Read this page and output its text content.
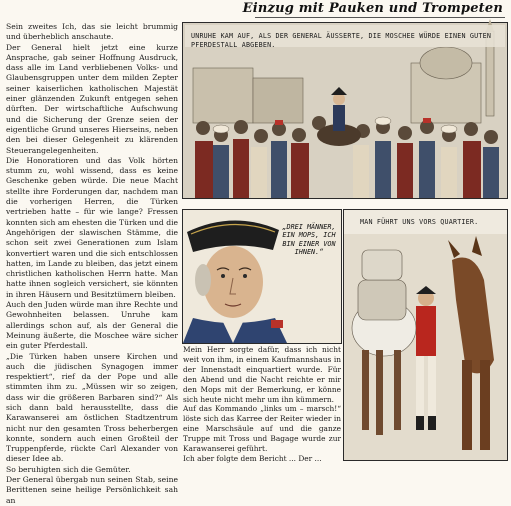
Einzug mit Pauken und Trompeten

Sein zweites Ich, das sie leicht brummig und überheblich anschaute.

Der General hielt jetzt eine kurze Ansprache, gab seiner Hoffnung Ausdruck, dass alle im Land verbliebenen Volks- und Glaubensgruppen unter dem milden Zepter seiner kaiserlichen katholischen Majestät einer glänzenden Zukunft entgegen sehen dürften. Der wirtschaftliche Aufschwung und die Sicherung der Grenze seien der eigentliche Grund unseres Hierseins, neben den bei dieser Gelegenheit zu klärenden Steuerangelegenheiten.

Die Honoratioren und das Volk hörten stumm zu, wohl wissend, dass es keine Geschenke geben würde. Die neue Macht stellte ihre Forderungen dar, nachdem man die vorherigen Herren, die Türken vertrieben hatte – für wie lange? Fressen konnten sich am ehesten die Türken und die Angehörigen der slawischen Stämme, die schon seit zwei Generationen zum Islam konvertiert waren und die sich entschlossen hatten, im Lande zu bleiben, das jetzt einem christlichen katholischen Herrn hatte. Man hatte ihnen sogleich versichert, sie könnten in ihren Häusern und Besitztümern bleiben.

Auch den Juden würde man ihre Rechte und Gewohnheiten belassen. Unruhe kam allerdings schon auf, als der General die Meinung äußerte, die Moschee wäre sicher ein guter Pferdestall.

„Die Türken haben unsere Kirchen und auch die jüdischen Synagogen immer respektiert“, rief da der Pope und alle stimmten ihm zu. „Müssen wir so zeigen, dass wir die größeren Barbaren sind?“ Als sich dann bald herausstellte, dass die Karawanserei am östlichen Stadtzentrum nicht nur den gesamten Tross beherbergen konnte, sondern auch einen Großteil der Truppenpferde, rückte Carl Alexander von dieser Idee ab.

So beruhigten sich die Gemüter.

Der General übergab nun seinen Stab, seine Berittenen seine heilige Persönlichkeit sah an

UNRUHE KAM AUF, ALS DER GENERAL ÄUSSERTE, DIE MOSCHEE WÜRDE EINEN GUTEN PFERDESTALL ABGEBEN.
„DREI MÄNNER, EIN MOPS, ICH BIN EINER VON IHNEN.“
MAN FÜHRT UNS VORS QUARTIER.

Mein Herr sorgte dafür, dass ich nicht weit von ihm, in einem Kaufmannshaus in der Innenstadt einquartiert wurde. Für den Abend und die Nacht reichte er mir den Mops mit der Bemerkung, er könne sich heute nicht mehr um ihn kümmern.

Auf das Kommando „links um – marsch!“ löste sich das Karree der Reiter wieder in eine Marschsäule auf und die ganze Truppe mit Tross und Bagage wurde zur Karawanserei geführt.

Ich aber folgte dem Bericht ... Der ...
